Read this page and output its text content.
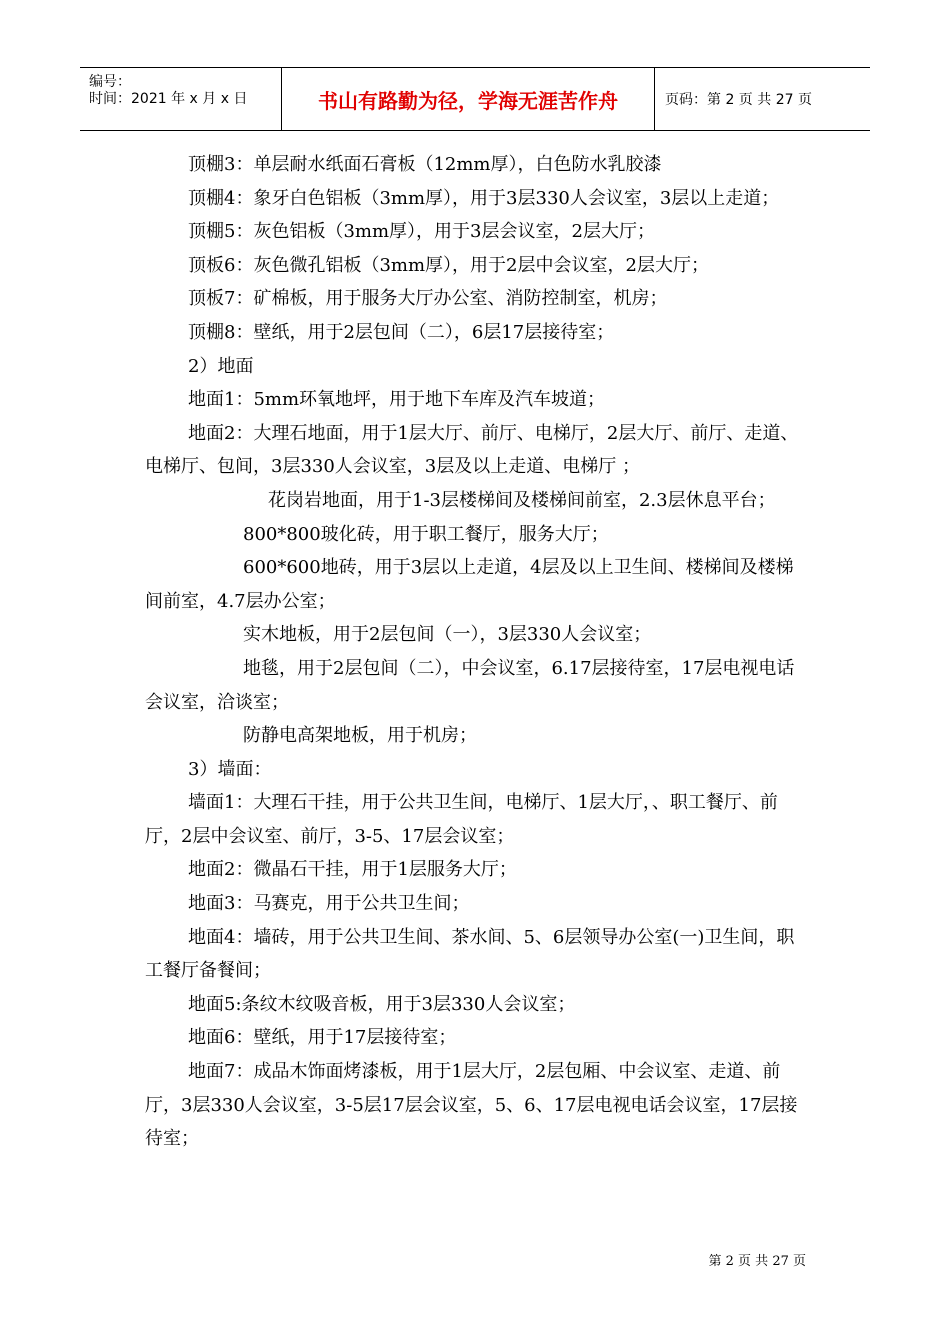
编号：
时间：2021 年 x 月 x 日	书山有路勤为径，学海无涯苦作舟	页码：第 2 页 共 27 页

顶棚3：单层耐水纸面石膏板（12mm厚），白色防水乳胶漆

顶棚4：象牙白色铝板（3mm厚），用于3层330人会议室，3层以上走道；

顶棚5：灰色铝板（3mm厚），用于3层会议室，2层大厅；

顶板6：灰色微孔铝板（3mm厚），用于2层中会议室，2层大厅；

顶板7：矿棉板，用于服务大厅办公室、消防控制室，机房；

顶棚8：壁纸，用于2层包间（二），6层17层接待室；

2）地面

地面1：5mm环氧地坪，用于地下车库及汽车坡道；

地面2：大理石地面，用于1层大厅、前厅、电梯厅，2层大厅、前厅、走道、电梯厅、包间，3层330人会议室，3层及以上走道、电梯厅 ；

花岗岩地面，用于1-3层楼梯间及楼梯间前室，2.3层休息平台；

800*800玻化砖，用于职工餐厅，服务大厅；

600*600地砖，用于3层以上走道，4层及以上卫生间、楼梯间及楼梯间前室，4.7层办公室；

实木地板，用于2层包间（一），3层330人会议室；

地毯，用于2层包间（二），中会议室，6.17层接待室，17层电视电话会议室，洽谈室；

防静电高架地板，用于机房；

3）墙面：

墙面1：大理石干挂，用于公共卫生间，电梯厅、1层大厅，、职工餐厅、前厅，2层中会议室、前厅，3-5、17层会议室；

地面2：微晶石干挂，用于1层服务大厅；

地面3：马赛克，用于公共卫生间；

地面4：墙砖，用于公共卫生间、茶水间、5、6层领导办公室(一)卫生间，职工餐厅备餐间；

地面5:条纹木纹吸音板，用于3层330人会议室；

地面6：壁纸，用于17层接待室；

地面7：成品木饰面烤漆板，用于1层大厅，2层包厢、中会议室、走道、前厅，3层330人会议室，3-5层17层会议室，5、6、17层电视电话会议室，17层接待室；

第 2 页 共 27 页
